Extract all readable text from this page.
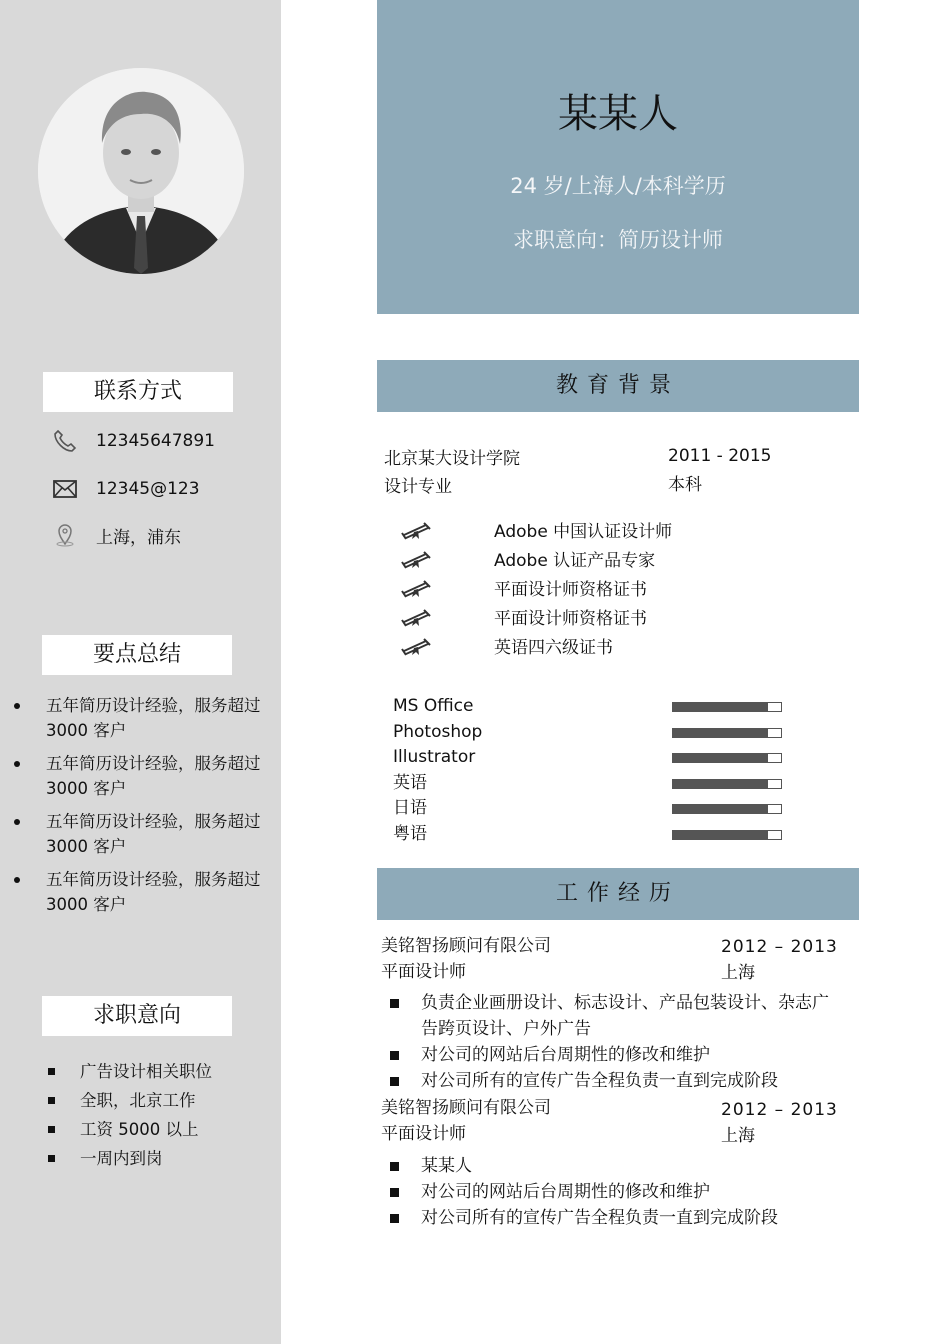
联系方式
12345647891
12345@123
上海，浦东
要点总结
五年简历设计经验，服务超过 3000 客户
五年简历设计经验，服务超过 3000 客户
五年简历设计经验，服务超过 3000 客户
五年简历设计经验，服务超过 3000 客户
求职意向
广告设计相关职位
全职，北京工作
工资 5000 以上
一周内到岗
某某人
24 岁/上海人/本科学历
求职意向：简历设计师
教育背景
北京某大设计学院
设计专业
2011 - 2015
本科
Adobe 中国认证设计师
Adobe 认证产品专家
平面设计师资格证书
平面设计师资格证书
英语四六级证书
MS Office
Photoshop
Illustrator
英语
日语
粤语
工作经历
美铭智扬顾问有限公司
平面设计师
2012 – 2013
上海
负责企业画册设计、标志设计、产品包装设计、杂志广告跨页设计、户外广告
对公司的网站后台周期性的修改和维护
对公司所有的宣传广告全程负责一直到完成阶段
美铭智扬顾问有限公司
平面设计师
2012 – 2013
上海
某某人
对公司的网站后台周期性的修改和维护
对公司所有的宣传广告全程负责一直到完成阶段
